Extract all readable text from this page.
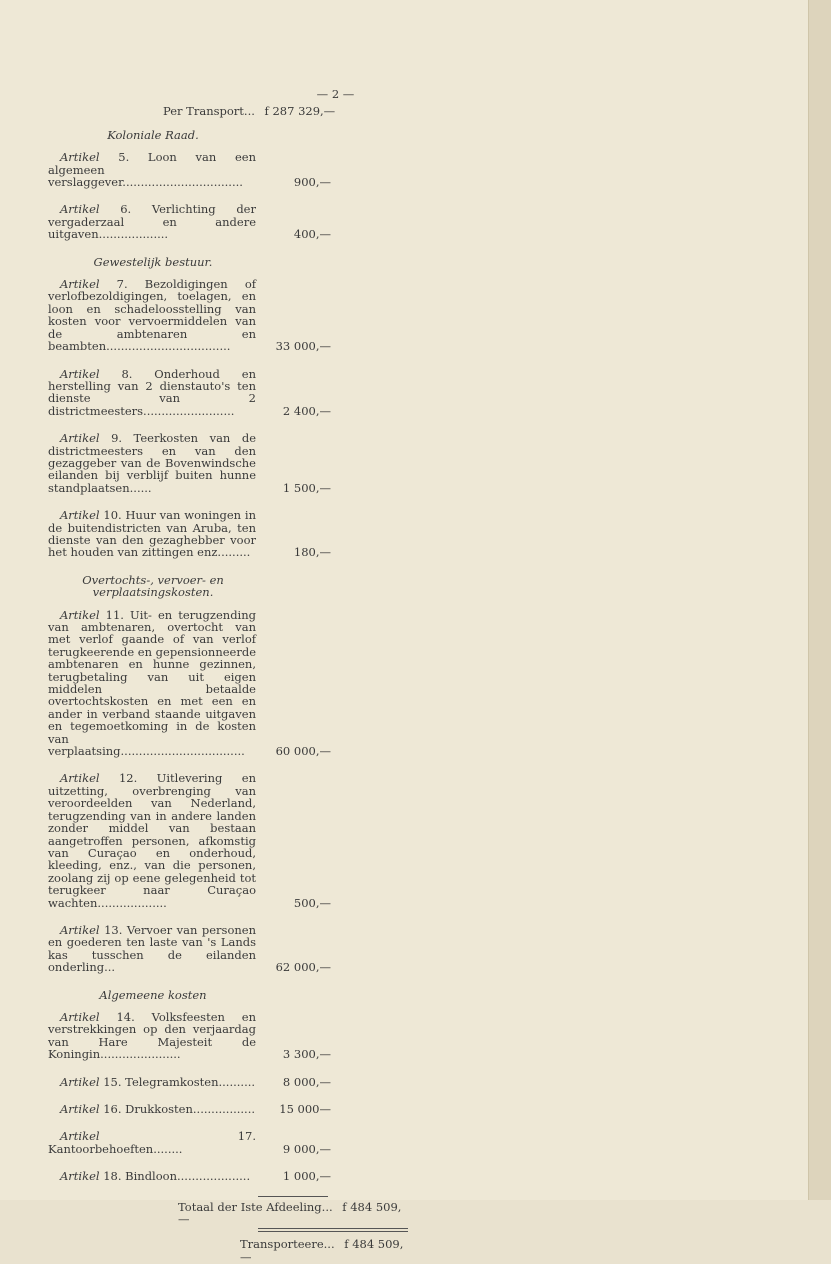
— 2 —
Per Transport... f 287 329,—
Koloniale Raad.
Artikel 5. Loon van een algemeen verslaggever.................................	900,—
Artikel 6. Verlichting der vergaderzaal en andere uitgaven...................	400,—
Gewestelijk bestuur.
Artikel 7. Bezoldigingen of verlofbezoldigingen, toelagen, en loon en schadeloosstelling van kosten voor vervoermiddelen van de ambtenaren en beambten..................................	33 000,—
Artikel 8. Onderhoud en herstelling van 2 dienstauto's ten dienste van 2 districtmeesters.........................	2 400,—
Artikel 9. Teerkosten van de districtmeesters en van den gezaggeber van de Bovenwindsche eilanden bij verblijf buiten hunne standplaatsen......	1 500,—
Artikel 10. Huur van woningen in de buitendistricten van Aruba, ten dienste van den gezaghebber voor het houden van zittingen enz.........	180,—
Overtochts-, vervoer- en verplaatsingskosten.
Artikel 11. Uit- en terugzending van ambtenaren, overtocht van met verlof gaande of van verlof terugkeerende en gepensionneerde ambtenaren en hunne gezinnen, terugbetaling van uit eigen middelen betaalde overtochtskosten en met een en ander in verband staande uitgaven en tegemoetkoming in de kosten van verplaatsing..................................	60 000,—
Artikel 12. Uitlevering en uitzetting, overbrenging van veroordeelden van Nederland, terugzending van in andere landen zonder middel van bestaan aangetroffen personen, afkomstig van Curaçao en onderhoud, kleeding, enz., van die personen, zoolang zij op eene gelegenheid tot terugkeer naar Curaçao wachten...................	500,—
Artikel 13. Vervoer van personen en goederen ten laste van 's Lands kas tusschen de eilanden onderling...	62 000,—
Algemeene kosten
Artikel 14. Volksfeesten en verstrekkingen op den verjaardag van Hare Majesteit de Koningin......................	3 300,—
Artikel 15. Telegramkosten..........	8 000,—
Artikel 16. Drukkosten.................	15 000—
Artikel	17. Kantoorbehoeften........	9 000,—
Artikel 18. Bindloon....................	1 000,—
Totaal der Iste Afdeeling... f 484 509,—
Transporteere... f 484 509,—
